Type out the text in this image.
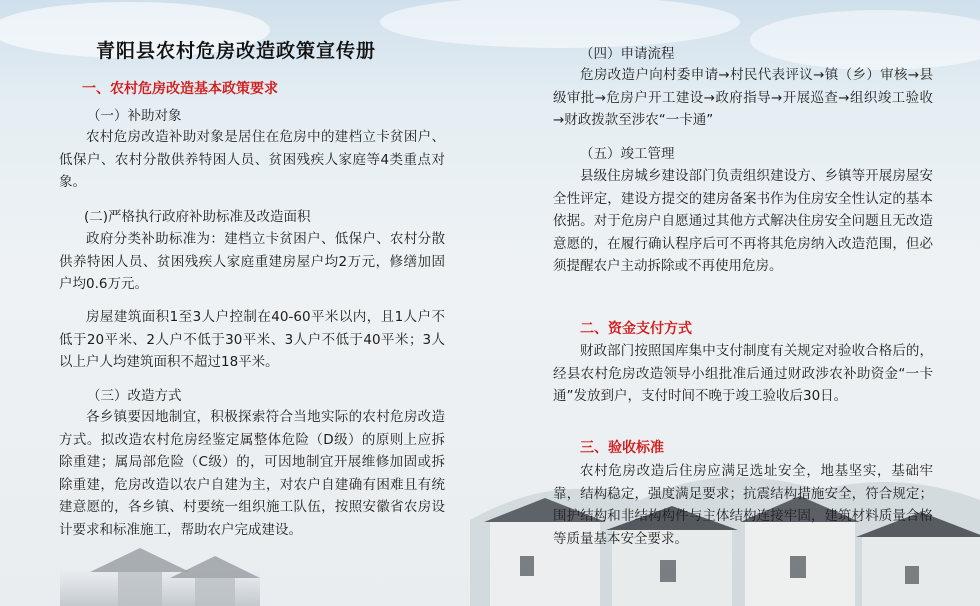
青阳县农村危房改造政策宣传册
一、农村危房改造基本政策要求

（一）补助对象

农村危房改造补助对象是居住在危房中的建档立卡贫困户、低保户、农村分散供养特困人员、贫困残疾人家庭等4类重点对象。

(二)严格执行政府补助标准及改造面积

政府分类补助标准为：建档立卡贫困户、低保户、农村分散供养特困人员、贫困残疾人家庭重建房屋户均2万元，修缮加固户均0.6万元。

房屋建筑面积1至3人户控制在40-60平米以内，且1人户不低于20平米、2人户不低于30平米、3人户不低于40平米；3人以上户人均建筑面积不超过18平米。

（三）改造方式

各乡镇要因地制宜，积极探索符合当地实际的农村危房改造方式。拟改造农村危房经鉴定属整体危险（D级）的原则上应拆除重建；属局部危险（C级）的，可因地制宜开展维修加固或拆除重建，危房改造以农户自建为主，对农户自建确有困难且有统建意愿的，各乡镇、村要统一组织施工队伍，按照安徽省农房设计要求和标准施工，帮助农户完成建设。

（四）申请流程

危房改造户向村委申请→村民代表评议→镇（乡）审核→县级审批→危房户开工建设→政府指导→开展巡查→组织竣工验收→财政拨款至涉农“一卡通”

（五）竣工管理

县级住房城乡建设部门负责组织建设方、乡镇等开展房屋安全性评定，建设方提交的建房备案书作为住房安全性认定的基本依据。对于危房户自愿通过其他方式解决住房安全问题且无改造意愿的，在履行确认程序后可不再将其危房纳入改造范围，但必须提醒农户主动拆除或不再使用危房。

二、资金支付方式

财政部门按照国库集中支付制度有关规定对验收合格后的，经县农村危房改造领导小组批准后通过财政涉农补助资金“一卡通”发放到户，支付时间不晚于竣工验收后30日。

三、验收标准

农村危房改造后住房应满足选址安全，地基坚实，基础牢靠，结构稳定，强度满足要求；抗震结构措施安全，符合规定；围护结构和非结构构件与主体结构连接牢固，建筑材料质量合格等质量基本安全要求。
